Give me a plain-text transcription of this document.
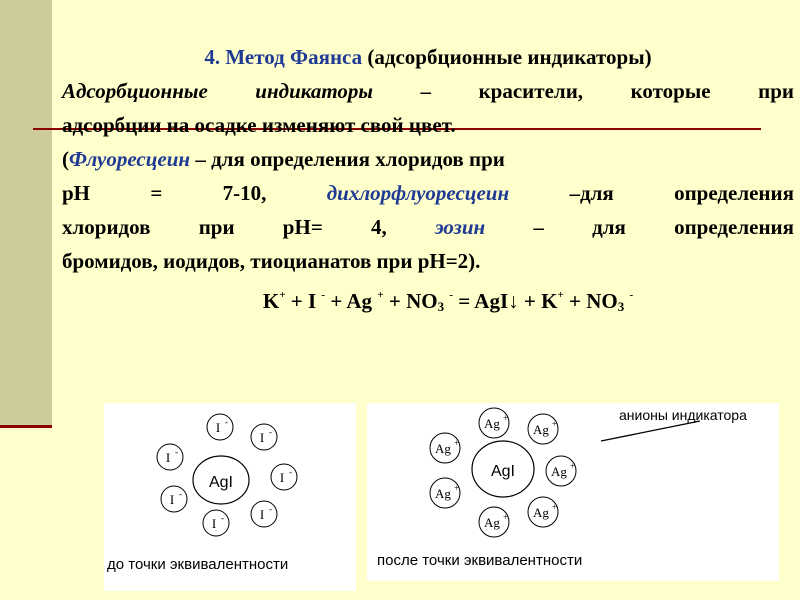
4. Метод Фаянса (адсорбционные индикаторы)
Адсорбционные индикаторы – красители, которые при
адсорбции на осадке изменяют свой цвет.
(Флуоресцеин – для определения хлоридов при
pH = 7-10,	дихлорфлуоресцеин	–для определения
хлоридов при pH= 4, эозин – для определения
бромидов, иодидов, тиоцианатов при pH=2).
K+ + I - + Ag $^+ + NO_3$ - = AgI↓ + $K^+ + NO_3$ -
AgI
I -
I -
I -
I -
I -
I -
I -
до точки эквивалентности
AgI
Ag +
Ag +
Ag +
Ag +
Ag +
Ag +
Ag +
анионы индикатора
после точки эквивалентности
